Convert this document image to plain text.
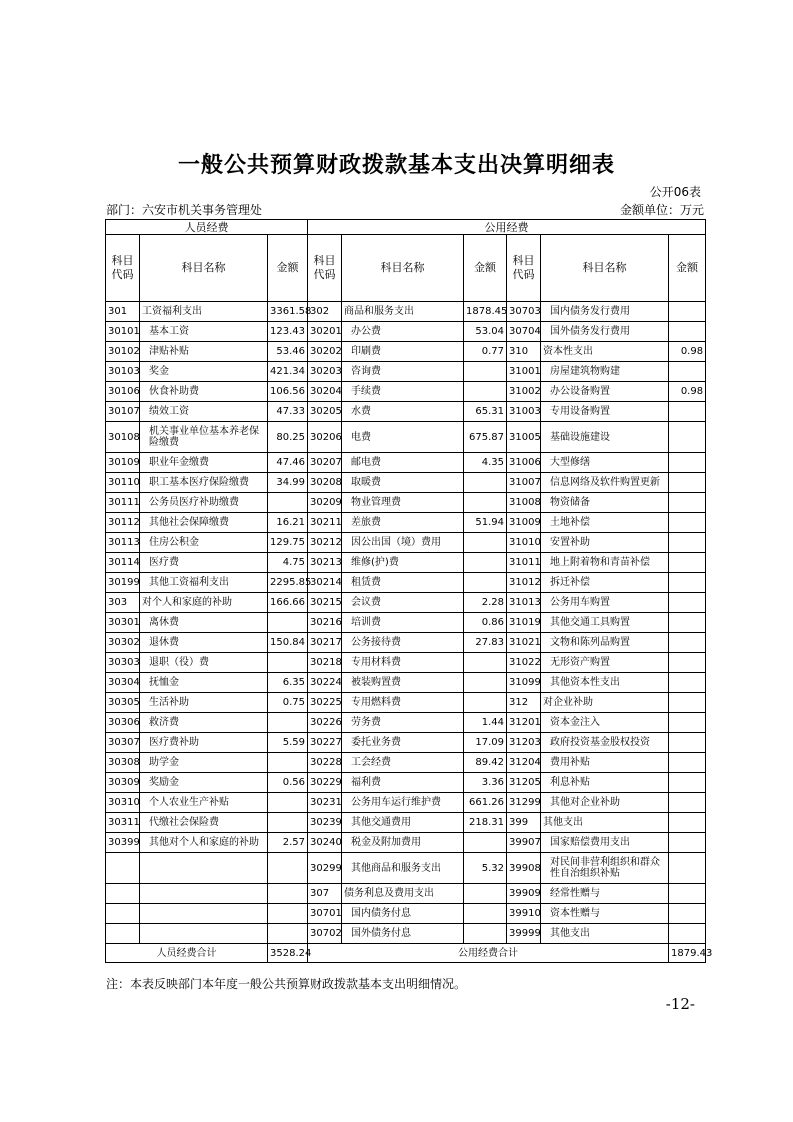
一般公共预算财政拨款基本支出决算明细表
公开06表
部门：六安市机关事务管理处	金额单位：万元
人员经费			公用经费					
科目代码	科目名称	金额	科目代码	科目名称	金额	科目代码	科目名称	金额
301	工资福利支出	3361.58	302	商品和服务支出	1878.45	30703	国内债务发行费用	
30101	基本工资	123.43	30201	办公费	53.04	30704	国外债务发行费用	
30102	津贴补贴	53.46	30202	印刷费	0.77	310	资本性支出	0.98
30103	奖金	421.34	30203	咨询费		31001	房屋建筑物购建	
30106	伙食补助费	106.56	30204	手续费		31002	办公设备购置	0.98
30107	绩效工资	47.33	30205	水费	65.31	31003	专用设备购置	
30108	机关事业单位基本养老保险缴费	80.25	30206	电费	675.87	31005	基础设施建设	
30109	职业年金缴费	47.46	30207	邮电费	4.35	31006	大型修缮	
30110	职工基本医疗保险缴费	34.99	30208	取暖费		31007	信息网络及软件购置更新	
30111	公务员医疗补助缴费		30209	物业管理费		31008	物资储备	
30112	其他社会保障缴费	16.21	30211	差旅费	51.94	31009	土地补偿	
30113	住房公积金	129.75	30212	因公出国（境）费用		31010	安置补助	
30114	医疗费	4.75	30213	维修(护)费		31011	地上附着物和青苗补偿	
30199	其他工资福利支出	2295.85	30214	租赁费		31012	拆迁补偿	
303	对个人和家庭的补助	166.66	30215	会议费	2.28	31013	公务用车购置	
30301	离休费		30216	培训费	0.86	31019	其他交通工具购置	
30302	退休费	150.84	30217	公务接待费	27.83	31021	文物和陈列品购置	
30303	退职（役）费		30218	专用材料费		31022	无形资产购置	
30304	抚恤金	6.35	30224	被装购置费		31099	其他资本性支出	
30305	生活补助	0.75	30225	专用燃料费		312	对企业补助	
30306	救济费		30226	劳务费	1.44	31201	资本金注入	
30307	医疗费补助	5.59	30227	委托业务费	17.09	31203	政府投资基金股权投资	
30308	助学金		30228	工会经费	89.42	31204	费用补贴	
30309	奖励金	0.56	30229	福利费	3.36	31205	利息补贴	
30310	个人农业生产补贴		30231	公务用车运行维护费	661.26	31299	其他对企业补助	
30311	代缴社会保险费		30239	其他交通费用	218.31	399	其他支出	
30399	其他对个人和家庭的补助	2.57	30240	税金及附加费用		39907	国家赔偿费用支出	
			30299	其他商品和服务支出	5.32	39908	对民间非营利组织和群众性自治组织补贴	
			307	债务利息及费用支出		39909	经常性赠与	
			30701	国内债务付息		39910	资本性赠与	
			30702	国外债务付息		39999	其他支出	
人员经费合计		3528.24	公用经费合计					1879.43
注：本表反映部门本年度一般公共预算财政拨款基本支出明细情况。
-12-
